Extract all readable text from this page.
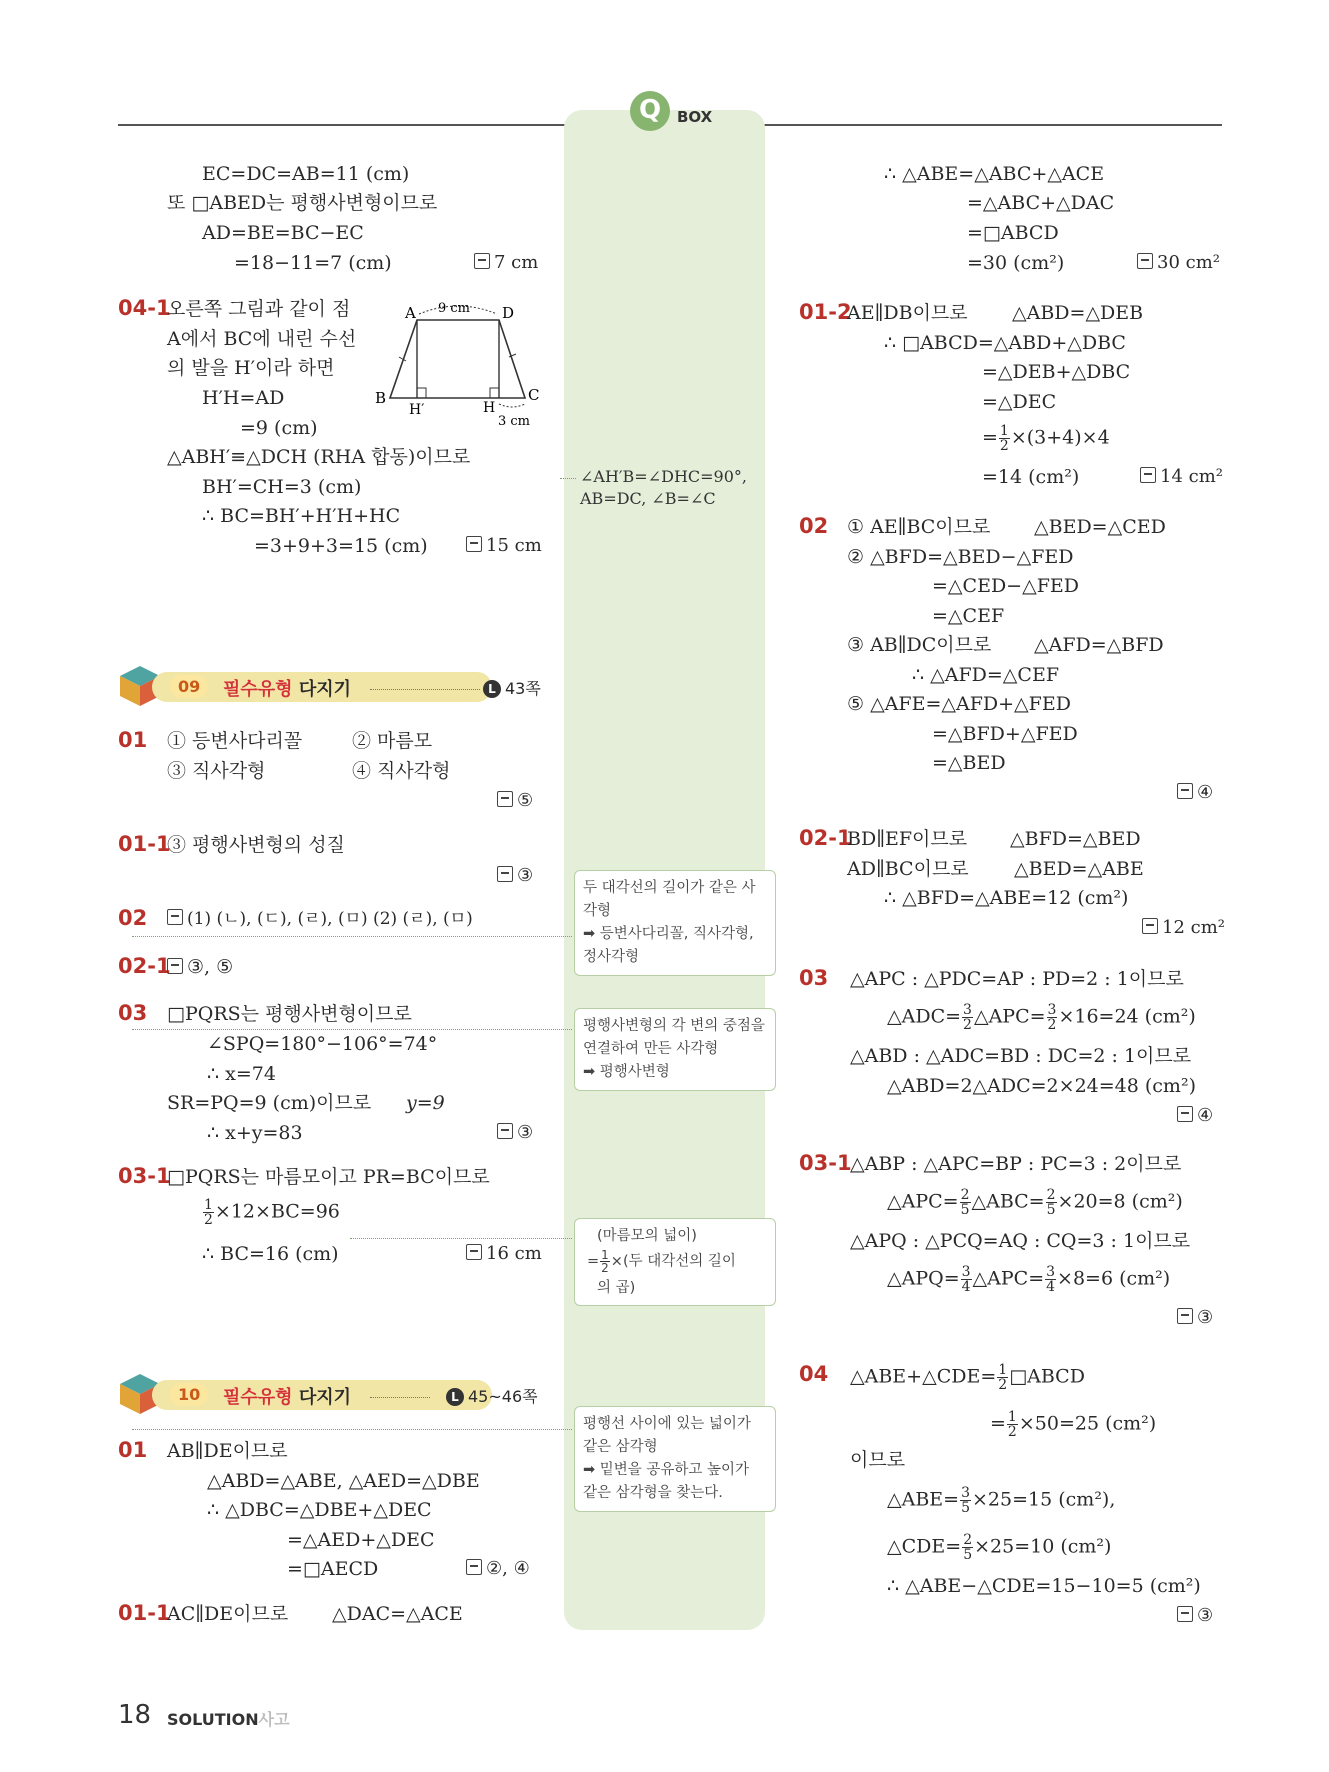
Q	BOX
EC=DC=AB=11 (cm)
또 □ABED는 평행사변형이므로
AD=BE=BC−EC
=18−11=7 (cm)	7 cm
04-1
오른쪽 그림과 같이 점
A에서 BC에 내린 수선
의 발을 H′이라 하면
H′H=AD
=9 (cm)
△ABH′≡△DCH (RHA 합동)이므로
BH′=CH=3 (cm)
∴ BC=BH′+H′H+HC
=3+9+3=15 (cm)	15 cm
A	D
B	C
H′	H
9 cm
3 cm
09	필수유형 다지기	L 43쪽
01 ① 등변사다리꼴	② 마름모
③ 직사각형	④ 직사각형
⑤
01-1
③ 평행사변형의 성질
③
02	(1) (ㄴ), (ㄷ), (ㄹ), (ㅁ) (2) (ㄹ), (ㅁ)
02-1 ③, ⑤
03 □PQRS는 평행사변형이므로
∠SPQ=180°−106°=74°
∴ x=74
SR=PQ=9 (cm)이므로 y=9
∴ x+y=83	③
03-1
□PQRS는 마름모이고 PR=BC이므로
$\frac{1}{2} \times 12\times BC=96$
∴ BC=16 (cm)	16 cm
10	필수유형 다지기	L 45~46쪽
01 AB∥DE이므로
△ABD=△ABE, △AED=△DBE
∴ △DBC=△DBE+△DEC
=△AED+△DEC
=□AECD	②, ④
01-1
AC∥DE이므로 △DAC=△ACE
∠AH′B=∠DHC=90°,
AB=DC, ∠B=∠C
두 대각선의 길이가 같은 사각형
➡ 등변사다리꼴, 직사각형, 정사각형
평행사변형의 각 변의 중점을 연결하여 만든 사각형
➡ 평행사변형
(마름모의 넓이)
= $\frac{1}{2}$ ×(두 대각선의 길이
의 곱)
평행선 사이에 있는 넓이가 같은 삼각형
➡ 밑변을 공유하고 높이가 같은 삼각형을 찾는다.
∴ △ABE=△ABC+△ACE
=△ABC+△DAC
=□ABCD
=30 (cm²)	30 cm²
01-2
AE∥DB이므로 △ABD=△DEB
∴ □ABCD=△ABD+△DBC
=△DEB+△DBC
=△DEC
= $\frac{1}{2} \times(3+4)\times 4$
=14 (cm²)	14 cm²
02 ① AE∥BC이므로 △BED=△CED
② △BFD=△BED−△FED
=△CED−△FED
=△CEF
③ AB∥DC이므로 △AFD=△BFD
∴ △AFD=△CEF
⑤ △AFE=△AFD+△FED
=△BFD+△FED
=△BED
④
02-1
BD∥EF이므로 △BFD=△BED
AD∥BC이므로 △BED=△ABE
∴ △BFD=△ABE=12 (cm²)
12 cm²
03 △APC : △PDC=AP : PD=2 : 1이므로
△ADC= $\frac{3}{2}$ △APC= $\frac{3}{2} \times 16=24$ (cm²)
△ABD : △ADC=BD : DC=2 : 1이므로
△ABD=2△ADC=2×24=48 (cm²)
④
03-1
△ABP : △APC=BP : PC=3 : 2이므로
△APC= $\frac{2}{5}$ △ABC= $\frac{2}{5} \times 20=8$ (cm²)
△APQ : △PCQ=AQ : CQ=3 : 1이므로
△APQ= $\frac{3}{4}$ △APC= $\frac{3}{4} \times 8=6$ (cm²)
③
04 △ABE+△CDE= $\frac{1}{2}$ □ABCD
= $\frac{1}{2} \times 50=25$ (cm²)
이므로
△ABE= $\frac{3}{5} \times 25=15$ (cm²),
△CDE= $\frac{2}{5} \times 25=10$ (cm²)
∴ △ABE−△CDE=15−10=5 (cm²)
③
18 SOLUTION사고
